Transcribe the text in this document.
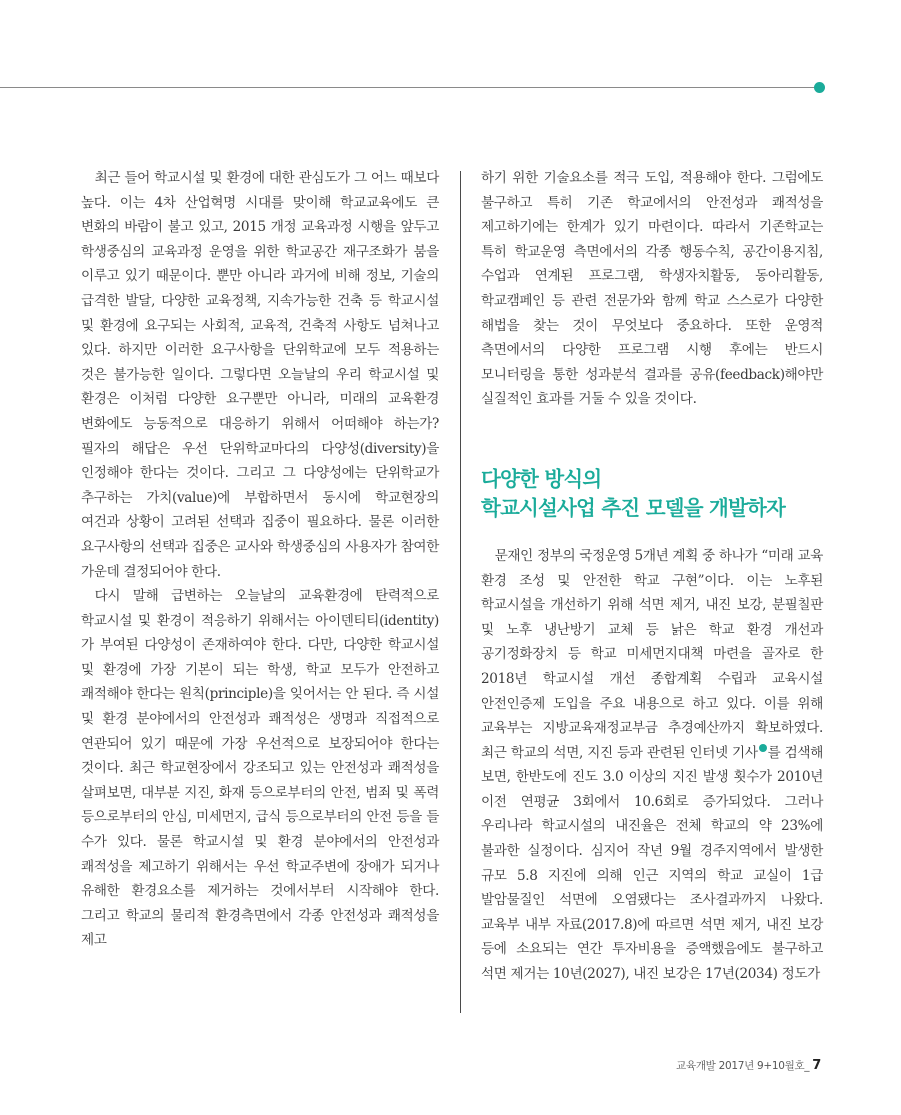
최근 들어 학교시설 및 환경에 대한 관심도가 그 어느 때보다 높다. 이는 4차 산업혁명 시대를 맞이해 학교교육에도 큰 변화의 바람이 불고 있고, 2015 개정 교육과정 시행을 앞두고 학생중심의 교육과정 운영을 위한 학교공간 재구조화가 붐을 이루고 있기 때문이다. 뿐만 아니라 과거에 비해 정보, 기술의 급격한 발달, 다양한 교육정책, 지속가능한 건축 등 학교시설 및 환경에 요구되는 사회적, 교육적, 건축적 사항도 넘쳐나고 있다. 하지만 이러한 요구사항을 단위학교에 모두 적용하는 것은 불가능한 일이다. 그렇다면 오늘날의 우리 학교시설 및 환경은 이처럼 다양한 요구뿐만 아니라, 미래의 교육환경 변화에도 능동적으로 대응하기 위해서 어떠해야 하는가? 필자의 해답은 우선 단위학교마다의 다양성(diversity)을 인정해야 한다는 것이다. 그리고 그 다양성에는 단위학교가 추구하는 가치(value)에 부합하면서 동시에 학교현장의 여건과 상황이 고려된 선택과 집중이 필요하다. 물론 이러한 요구사항의 선택과 집중은 교사와 학생중심의 사용자가 참여한 가운데 결정되어야 한다.

다시 말해 급변하는 오늘날의 교육환경에 탄력적으로 학교시설 및 환경이 적응하기 위해서는 아이덴티티(identity)가 부여된 다양성이 존재하여야 한다. 다만, 다양한 학교시설 및 환경에 가장 기본이 되는 학생, 학교 모두가 안전하고 쾌적해야 한다는 원칙(principle)을 잊어서는 안 된다. 즉 시설 및 환경 분야에서의 안전성과 쾌적성은 생명과 직접적으로 연관되어 있기 때문에 가장 우선적으로 보장되어야 한다는 것이다. 최근 학교현장에서 강조되고 있는 안전성과 쾌적성을 살펴보면, 대부분 지진, 화재 등으로부터의 안전, 범죄 및 폭력 등으로부터의 안심, 미세먼지, 급식 등으로부터의 안전 등을 들 수가 있다. 물론 학교시설 및 환경 분야에서의 안전성과 쾌적성을 제고하기 위해서는 우선 학교주변에 장애가 되거나 유해한 환경요소를 제거하는 것에서부터 시작해야 한다. 그리고 학교의 물리적 환경측면에서 각종 안전성과 쾌적성을 제고

하기 위한 기술요소를 적극 도입, 적용해야 한다. 그럼에도 불구하고 특히 기존 학교에서의 안전성과 쾌적성을 제고하기에는 한계가 있기 마련이다. 따라서 기존학교는 특히 학교운영 측면에서의 각종 행동수칙, 공간이용지침, 수업과 연계된 프로그램, 학생자치활동, 동아리활동, 학교캠페인 등 관련 전문가와 함께 학교 스스로가 다양한 해법을 찾는 것이 무엇보다 중요하다. 또한 운영적 측면에서의 다양한 프로그램 시행 후에는 반드시 모니터링을 통한 성과분석 결과를 공유(feedback)해야만 실질적인 효과를 거둘 수 있을 것이다.

다양한 방식의
학교시설사업 추진 모델을 개발하자

문재인 정부의 국정운영 5개년 계획 중 하나가 “미래 교육 환경 조성 및 안전한 학교 구현”이다. 이는 노후된 학교시설을 개선하기 위해 석면 제거, 내진 보강, 분필칠판 및 노후 냉난방기 교체 등 낡은 학교 환경 개선과 공기정화장치 등 학교 미세먼지대책 마련을 골자로 한 2018년 학교시설 개선 종합계획 수립과 교육시설 안전인증제 도입을 주요 내용으로 하고 있다. 이를 위해 교육부는 지방교육재정교부금 추경예산까지 확보하였다. 최근 학교의 석면, 지진 등과 관련된 인터넷 기사 를 검색해 보면, 한반도에 진도 3.0 이상의 지진 발생 횟수가 2010년 이전 연평균 3회에서 10.6회로 증가되었다. 그러나 우리나라 학교시설의 내진율은 전체 학교의 약 23%에 불과한 실정이다. 심지어 작년 9월 경주지역에서 발생한 규모 5.8 지진에 의해 인근 지역의 학교 교실이 1급 발암물질인 석면에 오염됐다는 조사결과까지 나왔다. 교육부 내부 자료(2017.8)에 따르면 석면 제거, 내진 보강 등에 소요되는 연간 투자비용을 증액했음에도 불구하고 석면 제거는 10년(2027), 내진 보강은 17년(2034) 정도가

교육개발 2017년 9+10월호_ 7
